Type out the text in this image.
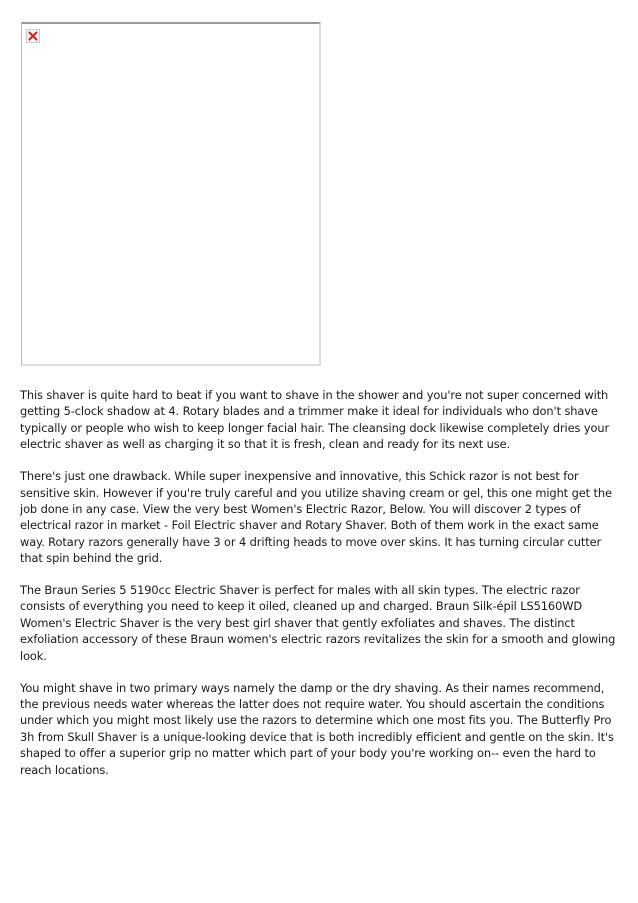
This shaver is quite hard to beat if you want to shave in the shower and you're not super concerned with getting 5-clock shadow at 4. Rotary blades and a trimmer make it ideal for individuals who don't shave typically or people who wish to keep longer facial hair. The cleansing dock likewise completely dries your electric shaver as well as charging it so that it is fresh, clean and ready for its next use.

There's just one drawback. While super inexpensive and innovative, this Schick razor is not best for sensitive skin. However if you're truly careful and you utilize shaving cream or gel, this one might get the job done in any case. View the very best Women's Electric Razor, Below. You will discover 2 types of electrical razor in market - Foil Electric shaver and Rotary Shaver. Both of them work in the exact same way. Rotary razors generally have 3 or 4 drifting heads to move over skins. It has turning circular cutter that spin behind the grid.

The Braun Series 5 5190cc Electric Shaver is perfect for males with all skin types. The electric razor consists of everything you need to keep it oiled, cleaned up and charged. Braun Silk-épil LS5160WD Women's Electric Shaver is the very best girl shaver that gently exfoliates and shaves. The distinct exfoliation accessory of these Braun women's electric razors revitalizes the skin for a smooth and glowing look.

You might shave in two primary ways namely the damp or the dry shaving. As their names recommend, the previous needs water whereas the latter does not require water. You should ascertain the conditions under which you might most likely use the razors to determine which one most fits you. The Butterfly Pro 3h from Skull Shaver is a unique-looking device that is both incredibly efficient and gentle on the skin. It's shaped to offer a superior grip no matter which part of your body you're working on-- even the hard to reach locations.
